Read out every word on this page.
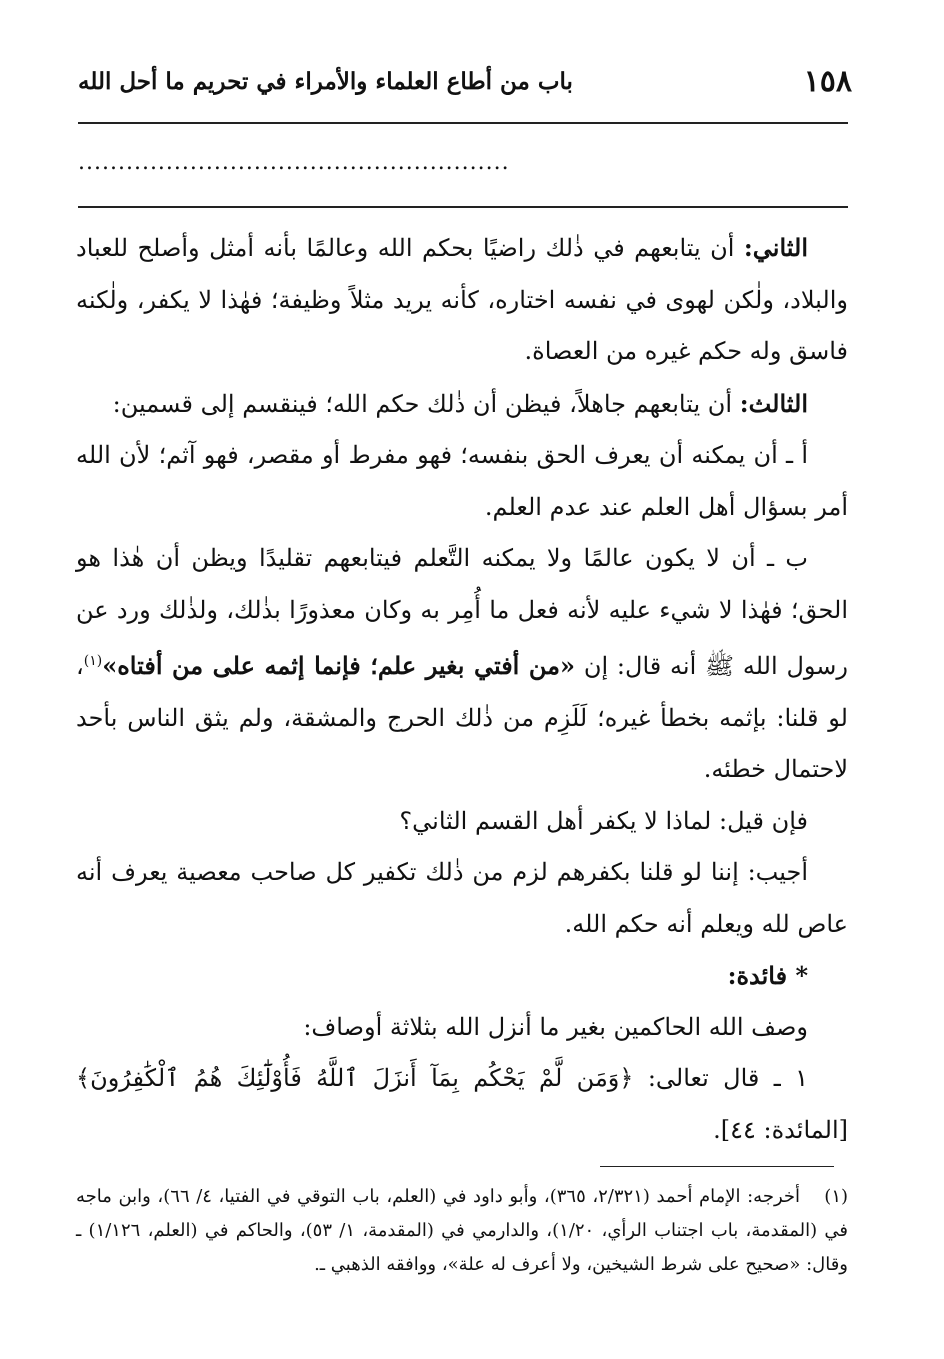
١٥٨
باب من أطاع العلماء والأمراء في تحريم ما أحل الله
......................................................

الثاني: أن يتابعهم في ذٰلك راضيًا بحكم الله وعالمًا بأنه أمثل وأصلح للعباد والبلاد، ولٰكن لهوى في نفسه اختاره، كأنه يريد مثلاً وظيفة؛ فهٰذا لا يكفر، ولٰكنه فاسق وله حكم غيره من العصاة.

الثالث: أن يتابعهم جاهلاً، فيظن أن ذٰلك حكم الله؛ فينقسم إلى قسمين:

أ ـ أن يمكنه أن يعرف الحق بنفسه؛ فهو مفرط أو مقصر، فهو آثم؛ لأن الله أمر بسؤال أهل العلم عند عدم العلم.

ب ـ أن لا يكون عالمًا ولا يمكنه التَّعلم فيتابعهم تقليدًا ويظن أن هٰذا هو الحق؛ فهٰذا لا شيء عليه لأنه فعل ما أُمِر به وكان معذورًا بذٰلك، ولذٰلك ورد عن رسول الله ﷺ أنه قال: إن «من أفتي بغير علم؛ فإنما إثمه على من أفتاه»$^{(١)}$، لو قلنا: بإثمه بخطأ غيره؛ لَلَزِم من ذٰلك الحرج والمشقة، ولم يثق الناس بأحد لاحتمال خطئه.

فإن قيل: لماذا لا يكفر أهل القسم الثاني؟

أجيب: إننا لو قلنا بكفرهم لزم من ذٰلك تكفير كل صاحب معصية يعرف أنه عاص لله ويعلم أنه حكم الله.

* فائدة:

وصف الله الحاكمين بغير ما أنزل الله بثلاثة أوصاف:

١ ـ قال تعالى: ﴿وَمَن لَّمْ يَحْكُم بِمَآ أَنزَلَ ٱللَّهُ فَأُوْلَٰٓئِكَ هُمُ ٱلْكَٰفِرُونَ﴾ [المائدة: ٤٤].

(١)أخرجه: الإمام أحمد (٢/٣٢١، ٣٦٥)، وأبو داود في (العلم، باب التوقي في الفتيا، ٤/ ٦٦)، وابن ماجه في (المقدمة، باب اجتناب الرأي، ١/٢٠)، والدارمي في (المقدمة، ١/ ٥٣)، والحاكم في (العلم، ١/١٢٦) ـ وقال: «صحيح على شرط الشيخين، ولا أعرف له علة»، ووافقه الذهبي ـ.
